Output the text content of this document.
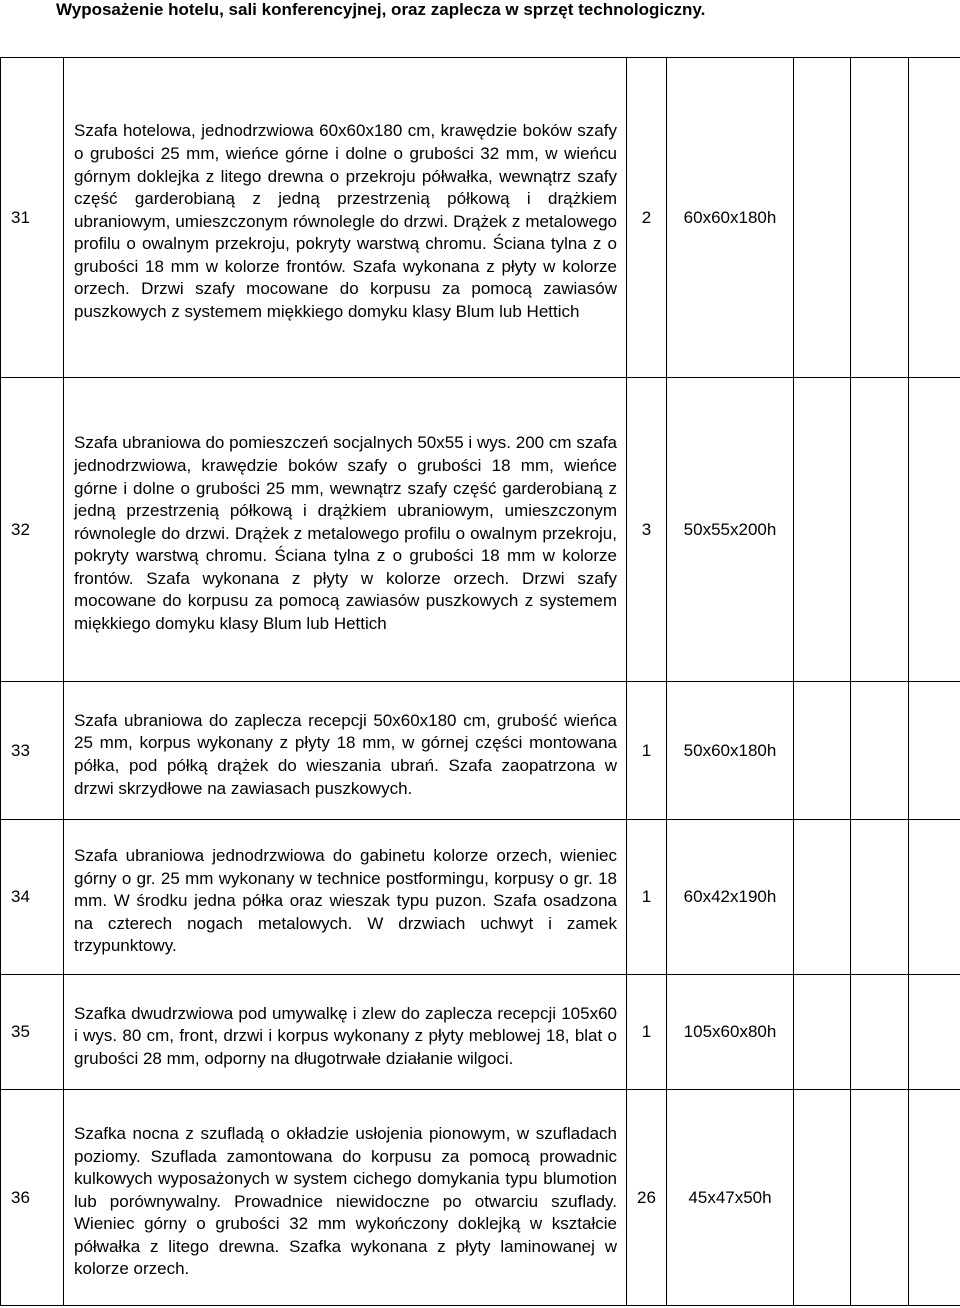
Wyposażenie hotelu, sali konferencyjnej, oraz zaplecza w sprzęt technologiczny.
31	Szafa hotelowa, jednodrzwiowa 60x60x180 cm, krawędzie boków szafy o grubości 25 mm, wieńce górne i dolne o grubości 32 mm, w wieńcu górnym doklejka z litego drewna o przekroju półwałka, wewnątrz szafy część garderobianą z jedną przestrzenią półkową i drążkiem ubraniowym, umieszczonym równolegle do drzwi. Drążek z metalowego profilu o owalnym przekroju, pokryty warstwą chromu. Ściana tylna z o grubości 18 mm w kolorze frontów. Szafa wykonana z płyty w kolorze orzech. Drzwi szafy mocowane do korpusu za pomocą zawiasów puszkowych z systemem miękkiego domyku klasy Blum lub Hettich	2	60x60x180h			
32	Szafa ubraniowa do pomieszczeń socjalnych 50x55 i wys. 200 cm szafa jednodrzwiowa, krawędzie boków szafy o grubości 18 mm, wieńce górne i dolne o grubości 25 mm, wewnątrz szafy część garderobianą z jedną przestrzenią półkową i drążkiem ubraniowym, umieszczonym równolegle do drzwi. Drążek z metalowego profilu o owalnym przekroju, pokryty warstwą chromu. Ściana tylna z o grubości 18 mm w kolorze frontów. Szafa wykonana z płyty w kolorze orzech. Drzwi szafy mocowane do korpusu za pomocą zawiasów puszkowych z systemem miękkiego domyku klasy Blum lub Hettich	3	50x55x200h			
33	Szafa ubraniowa do zaplecza recepcji 50x60x180 cm, grubość wieńca 25 mm, korpus wykonany z płyty 18 mm, w górnej części montowana półka, pod półką drążek do wieszania ubrań. Szafa zaopatrzona w drzwi skrzydłowe na zawiasach puszkowych.	1	50x60x180h			
34	Szafa ubraniowa jednodrzwiowa do gabinetu kolorze orzech, wieniec górny o gr. 25 mm wykonany w technice postformingu, korpusy o gr. 18 mm. W środku jedna półka oraz wieszak typu puzon. Szafa osadzona na czterech nogach metalowych. W drzwiach uchwyt i zamek trzypunktowy.	1	60x42x190h			
35	Szafka dwudrzwiowa pod umywalkę i zlew do zaplecza recepcji 105x60 i wys. 80 cm, front, drzwi i korpus wykonany z płyty meblowej 18, blat o grubości 28 mm, odporny na długotrwałe działanie wilgoci.	1	105x60x80h			
36	Szafka nocna z szufladą o okładzie usłojenia pionowym, w szufladach poziomy. Szuflada zamontowana do korpusu za pomocą prowadnic kulkowych wyposażonych w system cichego domykania typu blumotion lub porównywalny. Prowadnice niewidoczne po otwarciu szuflady. Wieniec górny o grubości 32 mm wykończony doklejką w kształcie półwałka z litego drewna. Szafka wykonana z płyty laminowanej w kolorze orzech.	26	45x47x50h			
